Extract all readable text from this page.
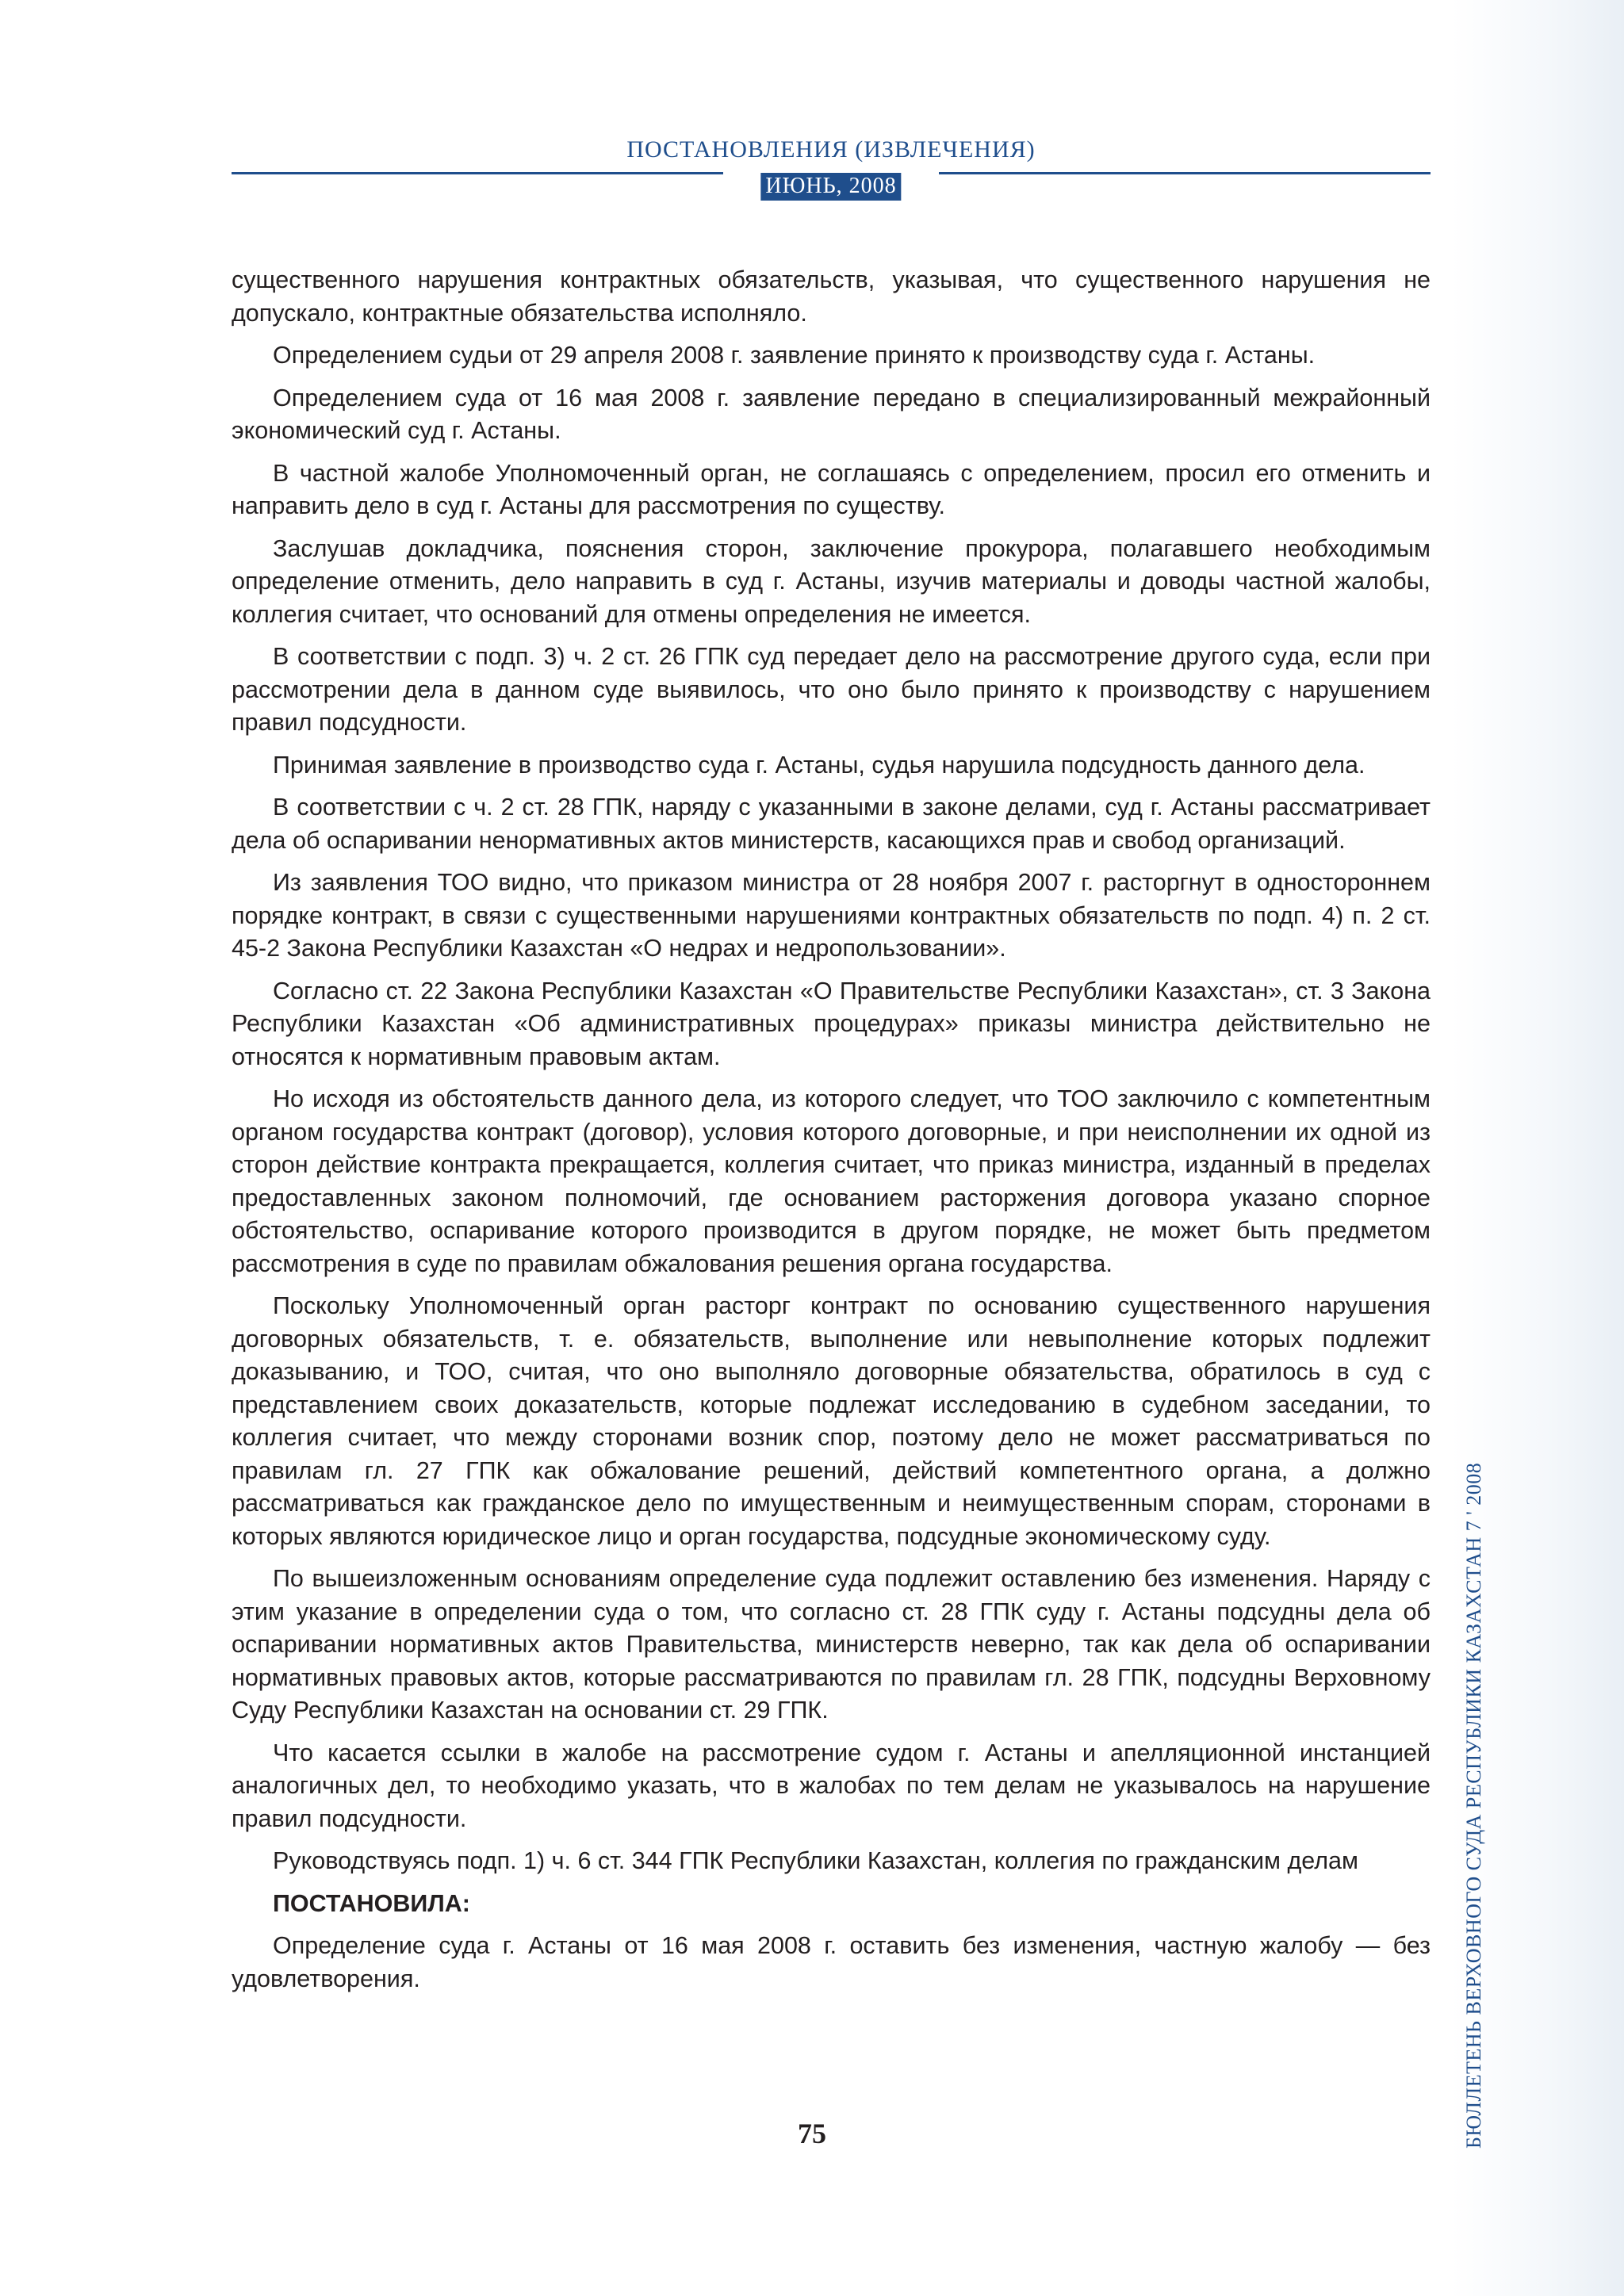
ПОСТАНОВЛЕНИЯ (ИЗВЛЕЧЕНИЯ)
ИЮНЬ, 2008

существенного нарушения контрактных обязательств, указывая, что существенного нарушения не допускало, контрактные обязательства исполняло.

Определением судьи от 29 апреля 2008 г. заявление принято к производству суда г. Астаны.

Определением суда от 16 мая 2008 г. заявление передано в специализированный межрайонный экономический суд г. Астаны.

В частной жалобе Уполномоченный орган, не соглашаясь с определением, просил его отменить и направить дело в суд г. Астаны для рассмотрения по существу.

Заслушав докладчика, пояснения сторон, заключение прокурора, полагавшего необходимым определение отменить, дело направить в суд г. Астаны, изучив материалы и доводы частной жалобы, коллегия считает, что оснований для отмены определения не имеется.

В соответствии с подп. 3) ч. 2 ст. 26 ГПК суд передает дело на рассмотрение другого суда, если при рассмотрении дела в данном суде выявилось, что оно было принято к производству с нарушением правил подсудности.

Принимая заявление в производство суда г. Астаны, судья нарушила подсудность данного дела.

В соответствии с ч. 2 ст. 28 ГПК, наряду с указанными в законе делами, суд г. Астаны рассматривает дела об оспаривании ненормативных актов министерств, касающихся прав и свобод организаций.

Из заявления ТОО видно, что приказом министра от 28 ноября 2007 г. расторгнут в одностороннем порядке контракт, в связи с существенными нарушениями контрактных обязательств по подп. 4) п. 2 ст. 45-2 Закона Республики Казахстан «О недрах и недропользовании».

Согласно ст. 22 Закона Республики Казахстан «О Правительстве Республики Казахстан», ст. 3 Закона Республики Казахстан «Об административных процедурах» приказы министра действительно не относятся к нормативным правовым актам.

Но исходя из обстоятельств данного дела, из которого следует, что ТОО заключило с компетентным органом государства контракт (договор), условия которого договорные, и при неисполнении их одной из сторон действие контракта прекращается, коллегия считает, что приказ министра, изданный в пределах предоставленных законом полномочий, где основанием расторжения договора указано спорное обстоятельство, оспаривание которого производится в другом порядке, не может быть предметом рассмотрения в суде по правилам обжалования решения органа государства.

Поскольку Уполномоченный орган расторг контракт по основанию существенного нарушения договорных обязательств, т. е. обязательств, выполнение или невыполнение которых подлежит доказыванию, и ТОО, считая, что оно выполняло договорные обязательства, обратилось в суд с представлением своих доказательств, которые подлежат исследованию в судебном заседании, то коллегия считает, что между сторонами возник спор, поэтому дело не может рассматриваться по правилам гл. 27 ГПК как обжалование решений, действий компетентного органа, а должно рассматриваться как гражданское дело по имущественным и неимущественным спорам, сторонами в которых являются юридическое лицо и орган государства, подсудные экономическому суду.

По вышеизложенным основаниям определение суда подлежит оставлению без изменения. Наряду с этим указание в определении суда о том, что согласно ст. 28 ГПК суду г. Астаны подсудны дела об оспаривании нормативных актов Правительства, министерств неверно, так как дела об оспаривании нормативных правовых актов, которые рассматриваются по правилам гл. 28 ГПК, подсудны Верховному Суду Республики Казахстан на основании ст. 29 ГПК.

Что касается ссылки в жалобе на рассмотрение судом г. Астаны и апелляционной инстанцией аналогичных дел, то необходимо указать, что в жалобах по тем делам не указывалось на нарушение правил подсудности.

Руководствуясь подп. 1) ч. 6 ст. 344 ГПК Республики Казахстан, коллегия по гражданским делам

ПОСТАНОВИЛА:

Определение суда г. Астаны от 16 мая 2008 г. оставить без изменения, частную жалобу — без удовлетворения.

75	БЮЛЛЕТЕНЬ ВЕРХОВНОГО СУДА РЕСПУБЛИКИ КАЗАХСТАН 7 ' 2008
